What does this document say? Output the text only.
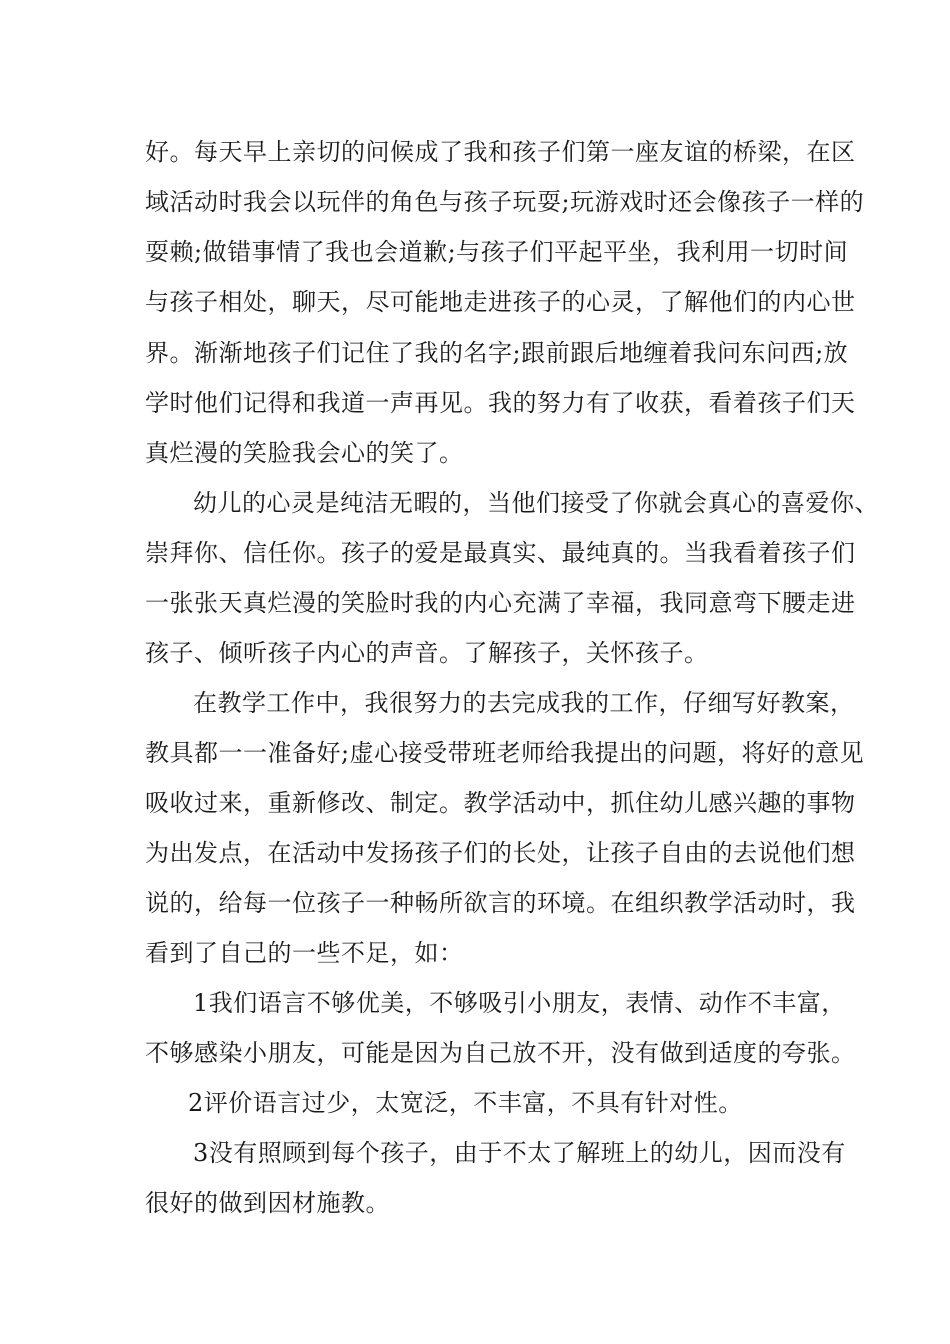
好。每天早上亲切的问候成了我和孩子们第一座友谊的桥梁，在区
域活动时我会以玩伴的角色与孩子玩耍;玩游戏时还会像孩子一样的
耍赖;做错事情了我也会道歉;与孩子们平起平坐，我利用一切时间
与孩子相处，聊天，尽可能地走进孩子的心灵，了解他们的内心世
界。渐渐地孩子们记住了我的名字;跟前跟后地缠着我问东问西;放
学时他们记得和我道一声再见。我的努力有了收获，看着孩子们天
真烂漫的笑脸我会心的笑了。
幼儿的心灵是纯洁无暇的，当他们接受了你就会真心的喜爱你、
崇拜你、信任你。孩子的爱是最真实、最纯真的。当我看着孩子们
一张张天真烂漫的笑脸时我的内心充满了幸福，我同意弯下腰走进
孩子、倾听孩子内心的声音。了解孩子，关怀孩子。
在教学工作中，我很努力的去完成我的工作，仔细写好教案，
教具都一一准备好;虚心接受带班老师给我提出的问题，将好的意见
吸收过来，重新修改、制定。教学活动中，抓住幼儿感兴趣的事物
为出发点，在活动中发扬孩子们的长处，让孩子自由的去说他们想
说的，给每一位孩子一种畅所欲言的环境。在组织教学活动时，我
看到了自己的一些不足，如：
1我们语言不够优美，不够吸引小朋友，表情、动作不丰富，
不够感染小朋友，可能是因为自己放不开，没有做到适度的夸张。
2评价语言过少，太宽泛，不丰富，不具有针对性。
3没有照顾到每个孩子，由于不太了解班上的幼儿，因而没有
很好的做到因材施教。
